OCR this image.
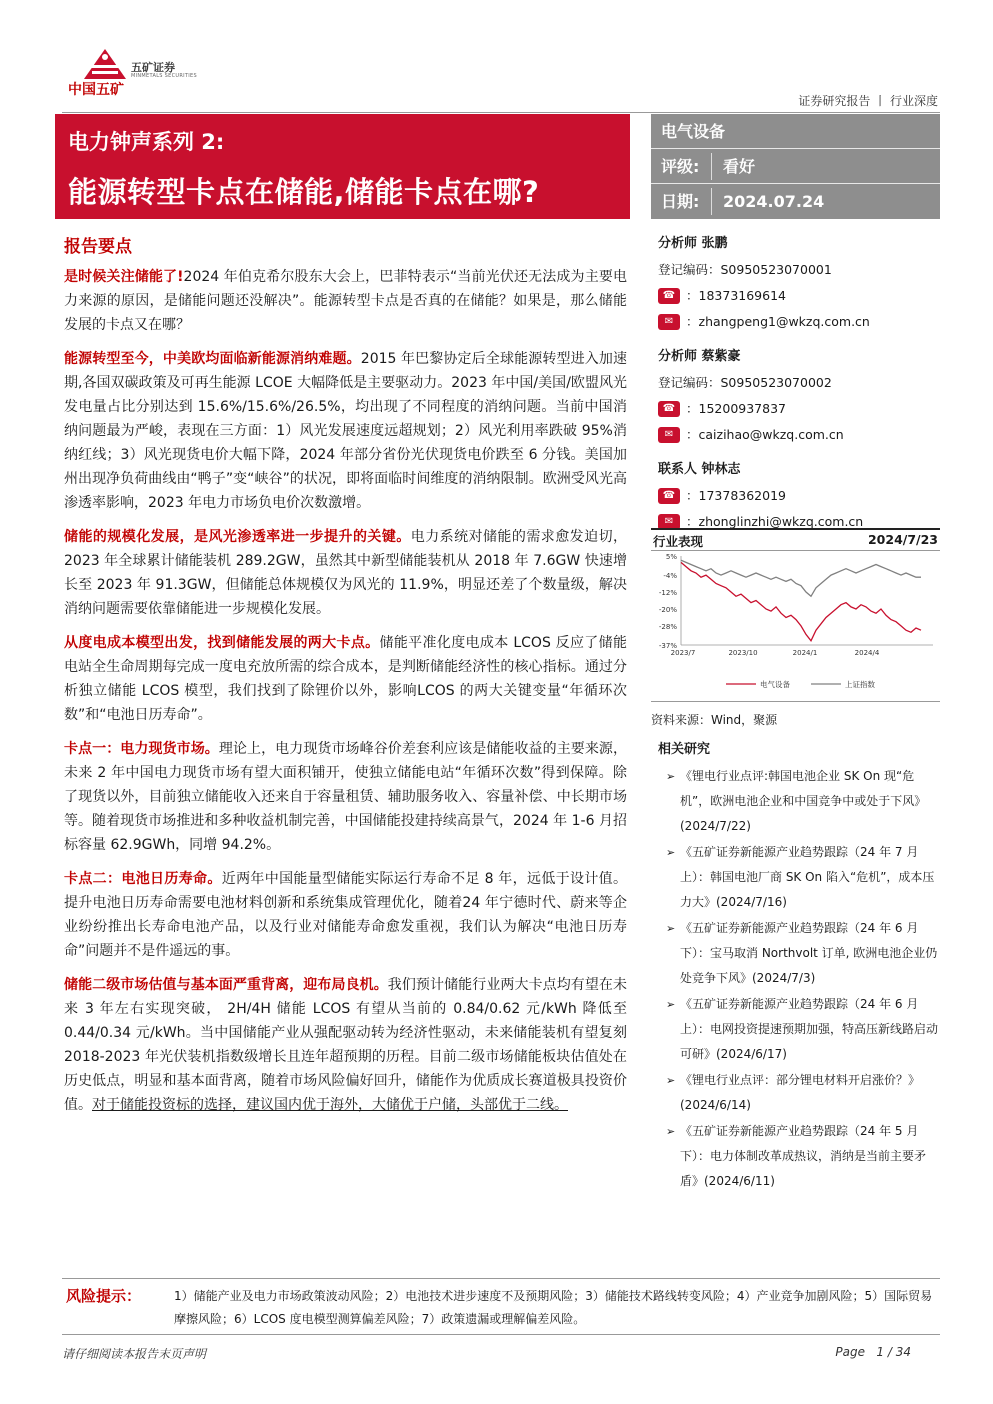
五矿证券
MINMETALS SECURITIES
中国五矿
证券研究报告 丨 行业深度
电力钟声系列 2:
能源转型卡点在储能,储能卡点在哪?
电气设备
评级: 看好
日期: 2024.07.24
报告要点

是时候关注储能了!2024 年伯克希尔股东大会上，巴菲特表示“当前光伏还无法成为主要电力来源的原因，是储能问题还没解决”。能源转型卡点是否真的在储能？如果是，那么储能发展的卡点又在哪？

能源转型至今，中美欧均面临新能源消纳难题。2015 年巴黎协定后全球能源转型进入加速期,各国双碳政策及可再生能源 LCOE 大幅降低是主要驱动力。2023 年中国/美国/欧盟风光发电量占比分别达到 15.6%/15.6%/26.5%，均出现了不同程度的消纳问题。当前中国消纳问题最为严峻，表现在三方面：1）风光发展速度远超规划；2）风光利用率跌破 95%消纳红线；3）风光现货电价大幅下降，2024 年部分省份光伏现货电价跌至 6 分钱。美国加州出现净负荷曲线由“鸭子”变“峡谷”的状况，即将面临时间维度的消纳限制。欧洲受风光高渗透率影响，2023 年电力市场负电价次数激增。

储能的规模化发展，是风光渗透率进一步提升的关键。电力系统对储能的需求愈发迫切，2023 年全球累计储能装机 289.2GW，虽然其中新型储能装机从 2018 年 7.6GW 快速增长至 2023 年 91.3GW，但储能总体规模仅为风光的 11.9%，明显还差了个数量级，解决消纳问题需要依靠储能进一步规模化发展。

从度电成本模型出发，找到储能发展的两大卡点。储能平准化度电成本 LCOS 反应了储能电站全生命周期每完成一度电充放所需的综合成本，是判断储能经济性的核心指标。通过分析独立储能 LCOS 模型，我们找到了除锂价以外，影响LCOS 的两大关键变量“年循环次数”和“电池日历寿命”。

卡点一：电力现货市场。理论上，电力现货市场峰谷价差套利应该是储能收益的主要来源，未来 2 年中国电力现货市场有望大面积铺开，使独立储能电站“年循环次数”得到保障。除了现货以外，目前独立储能收入还来自于容量租赁、辅助服务收入、容量补偿、中长期市场等。随着现货市场推进和多种收益机制完善，中国储能投建持续高景气，2024 年 1-6 月招标容量 62.9GWh，同增 94.2%。

卡点二：电池日历寿命。近两年中国能量型储能实际运行寿命不足 8 年，远低于设计值。提升电池日历寿命需要电池材料创新和系统集成管理优化，随着24 年宁德时代、蔚来等企业纷纷推出长寿命电池产品，以及行业对储能寿命愈发重视，我们认为解决“电池日历寿命”问题并不是件遥远的事。

储能二级市场估值与基本面严重背离，迎布局良机。我们预计储能行业两大卡点均有望在未来 3 年左右实现突破， 2H/4H 储能 LCOS 有望从当前的 0.84/0.62 元/kWh 降低至 0.44/0.34 元/kWh。当中国储能产业从强配驱动转为经济性驱动，未来储能装机有望复刻 2018-2023 年光伏装机指数级增长且连年超预期的历程。目前二级市场储能板块估值处在历史低点，明显和基本面背离，随着市场风险偏好回升，储能作为优质成长赛道极具投资价值。对于储能投资标的选择，建议国内优于海外，大储优于户储，头部优于二线。

分析师 张鹏
登记编码：S0950523070001
☎ ： 18373169614
✉	： zhangpeng1@wkzq.com.cn
分析师 蔡紫豪
登记编码：S0950523070002
☎ ： 15200937837
✉	： caizihao@wkzq.com.cn
联系人 钟林志
☎ ： 17378362019
✉	： zhonglinzhi@wkzq.com.cn
行业表现	2024/7/23
5%
-4%
-12%
-20%
-28%
-37%
2023/7	2023/10	2024/1	2024/4
电气设备	上证指数
资料来源：Wind，聚源
相关研究
➢ 《锂电行业点评:韩国电池企业 SK On 现“危机”，欧洲电池企业和中国竞争中或处于下风》(2024/7/22)
➢ 《五矿证券新能源产业趋势跟踪（24 年 7 月上）：韩国电池厂商 SK On 陷入“危机”，成本压力大》(2024/7/16)
➢ 《五矿证券新能源产业趋势跟踪（24 年 6 月下）：宝马取消 Northvolt 订单, 欧洲电池企业仍处竞争下风》(2024/7/3)
➢ 《五矿证券新能源产业趋势跟踪（24 年 6 月上）：电网投资提速预期加强，特高压新线路启动可研》(2024/6/17)
➢ 《锂电行业点评：部分锂电材料开启涨价？》(2024/6/14)
➢ 《五矿证券新能源产业趋势跟踪（24 年 5 月下）：电力体制改革成热议，消纳是当前主要矛盾》(2024/6/11)
风险提示：	1）储能产业及电力市场政策波动风险；2）电池技术进步速度不及预期风险；3）储能技术路线转变风险；4）产业竞争加剧风险；5）国际贸易摩擦风险；6）LCOS 度电模型测算偏差风险；7）政策遗漏或理解偏差风险。
请仔细阅读本报告末页声明	Page 1 / 34
